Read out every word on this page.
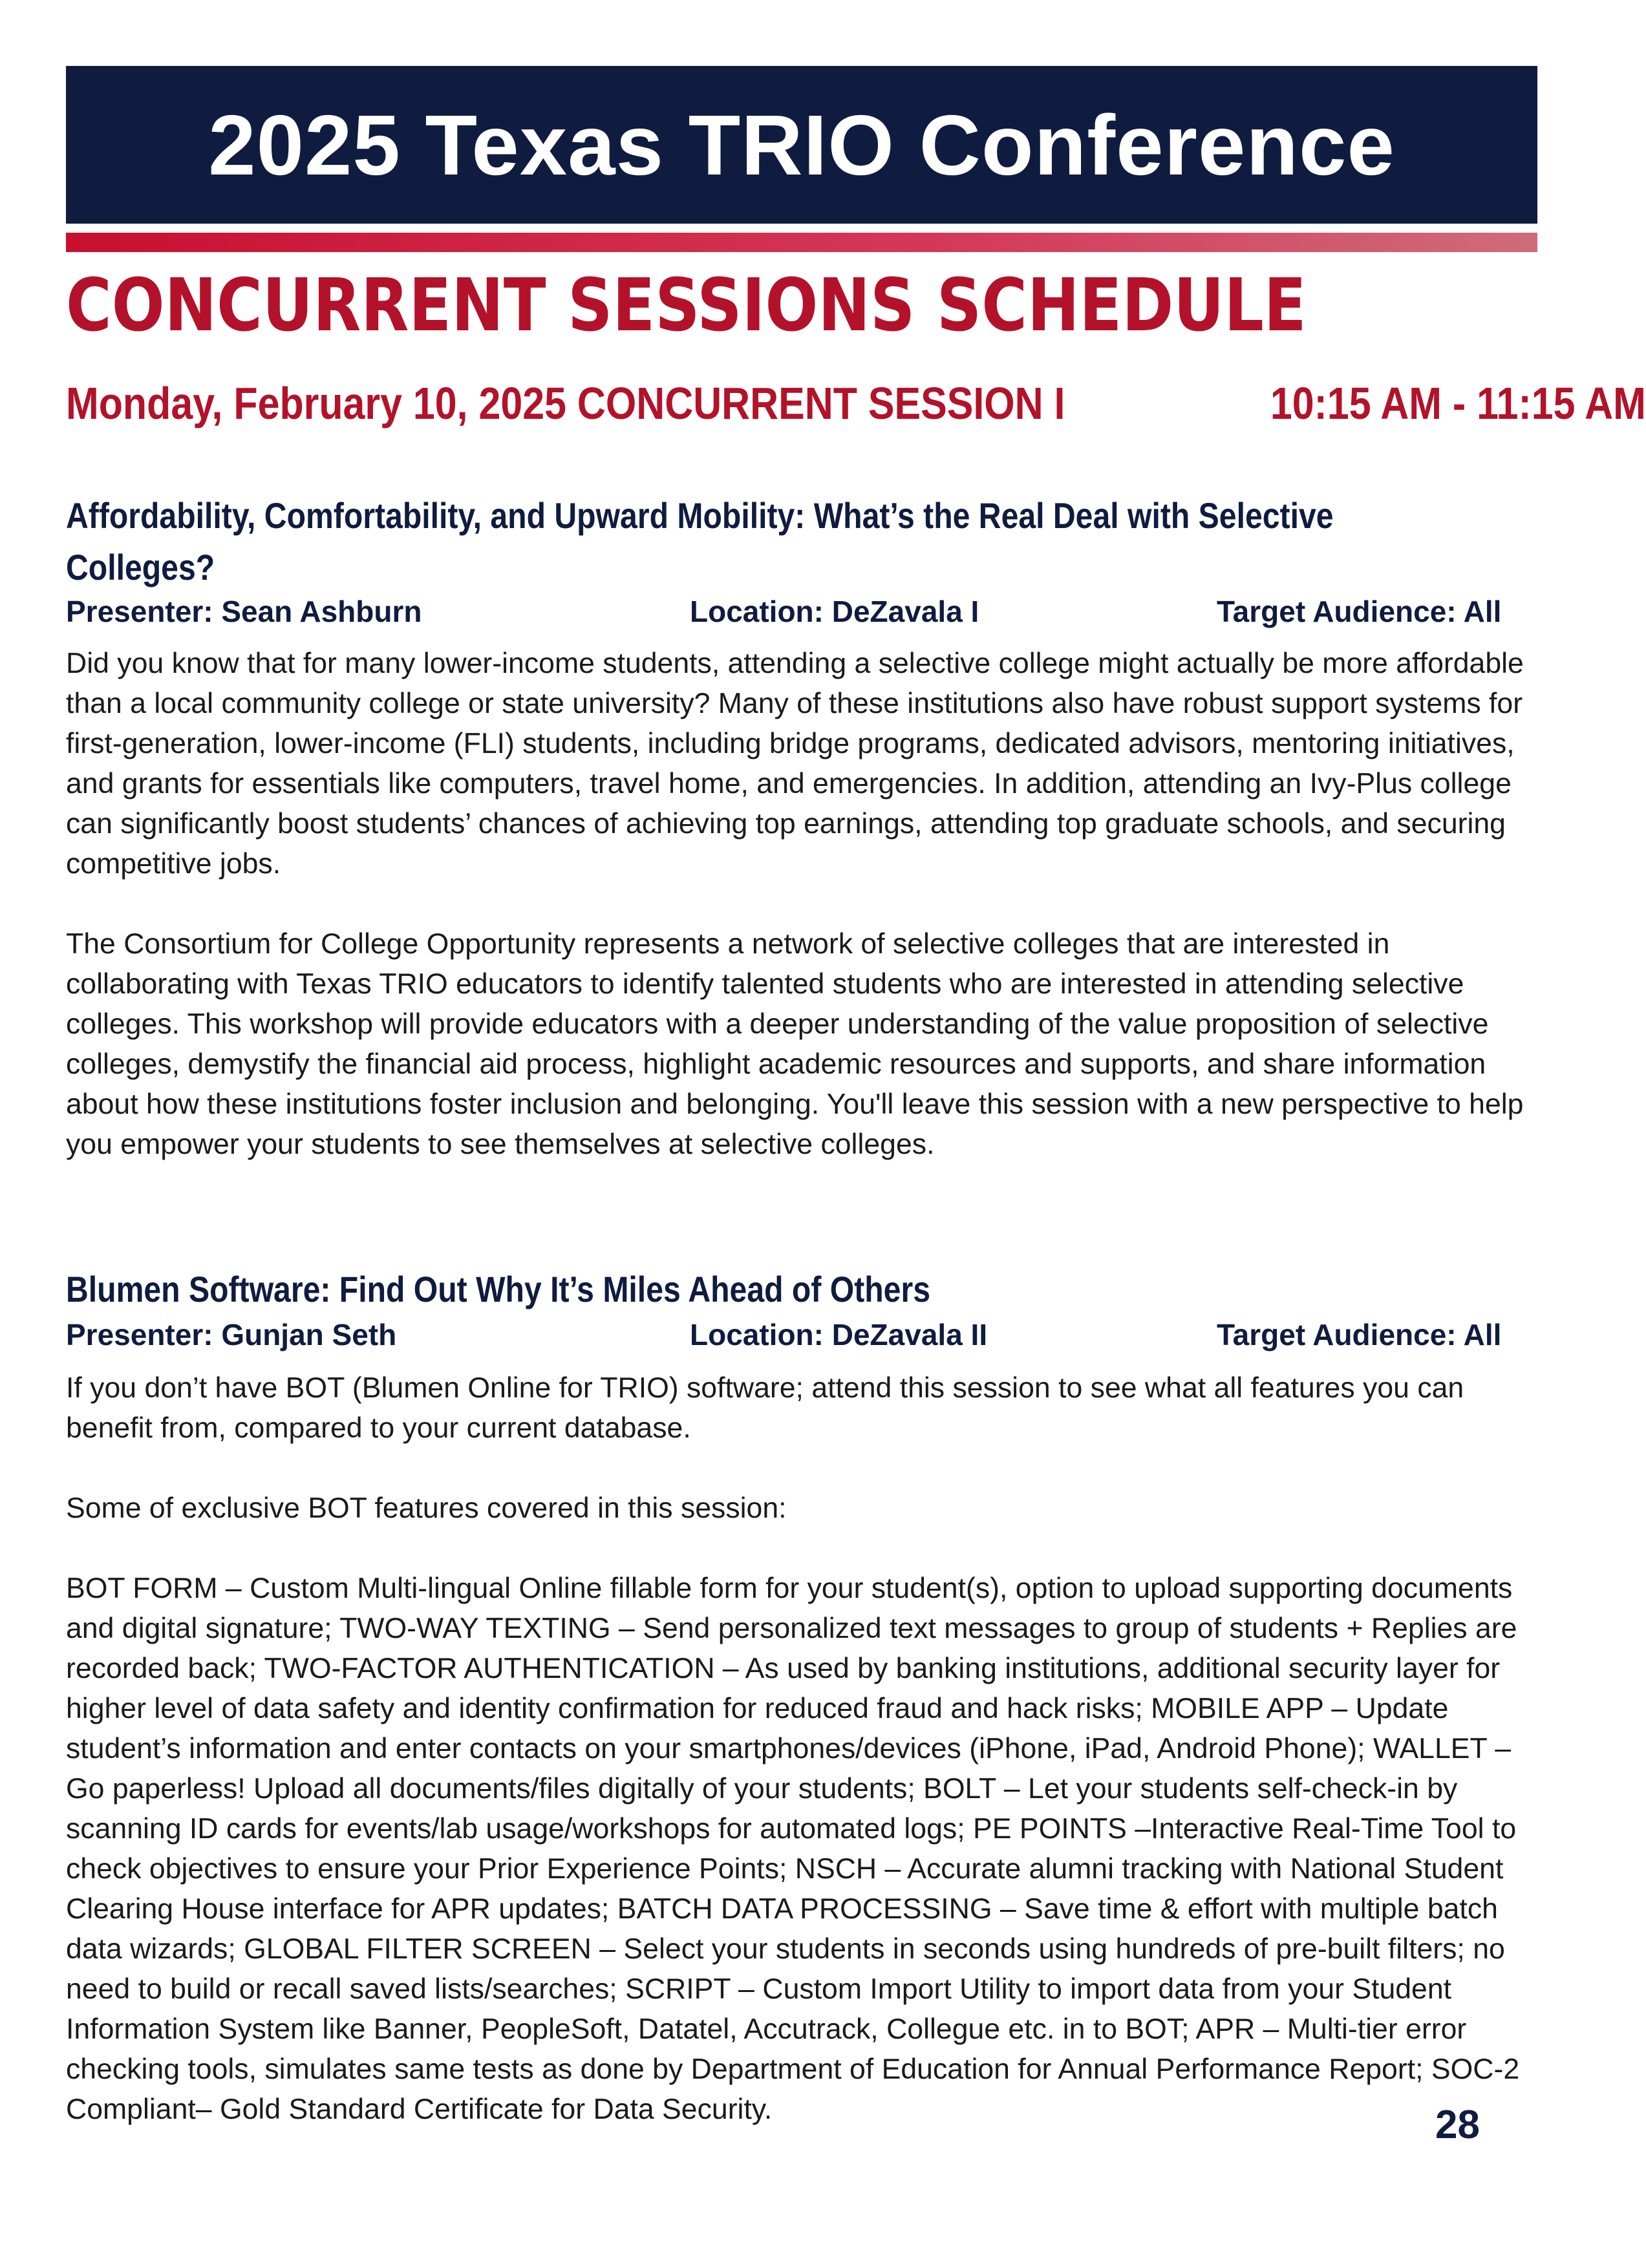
2025 Texas TRIO Conference
CONCURRENT SESSIONS SCHEDULE
Monday, February 10, 2025 CONCURRENT SESSION I	10:15 AM - 11:15 AM
Affordability, Comfortability, and Upward Mobility: What’s the Real Deal with Selective Colleges?
Presenter: Sean Ashburn	Location: DeZavala I	Target Audience: All

Did you know that for many lower-income students, attending a selective college might actually be more affordable than a local community college or state university? Many of these institutions also have robust support systems for first-generation, lower-income (FLI) students, including bridge programs, dedicated advisors, mentoring initiatives, and grants for essentials like computers, travel home, and emergencies. In addition, attending an Ivy-Plus college can significantly boost students’ chances of achieving top earnings, attending top graduate schools, and securing competitive jobs.

The Consortium for College Opportunity represents a network of selective colleges that are interested in collaborating with Texas TRIO educators to identify talented students who are interested in attending selective colleges. This workshop will provide educators with a deeper understanding of the value proposition of selective colleges, demystify the financial aid process, highlight academic resources and supports, and share information about how these institutions foster inclusion and belonging. You'll leave this session with a new perspective to help you empower your students to see themselves at selective colleges.

Blumen Software: Find Out Why It’s Miles Ahead of Others
Presenter: Gunjan Seth	Location: DeZavala II	Target Audience: All

If you don’t have BOT (Blumen Online for TRIO) software; attend this session to see what all features you can benefit from, compared to your current database.

Some of exclusive BOT features covered in this session:

BOT FORM – Custom Multi-lingual Online fillable form for your student(s), option to upload supporting documents and digital signature; TWO-WAY TEXTING – Send personalized text messages to group of students + Replies are recorded back; TWO-FACTOR AUTHENTICATION – As used by banking institutions, additional security layer for higher level of data safety and identity confirmation for reduced fraud and hack risks; MOBILE APP – Update student’s information and enter contacts on your smartphones/devices (iPhone, iPad, Android Phone); WALLET – Go paperless! Upload all documents/files digitally of your students; BOLT – Let your students self-check-in by scanning ID cards for events/lab usage/workshops for automated logs; PE POINTS –Interactive Real-Time Tool to check objectives to ensure your Prior Experience Points; NSCH – Accurate alumni tracking with National Student Clearing House interface for APR updates; BATCH DATA PROCESSING – Save time & effort with multiple batch data wizards; GLOBAL FILTER SCREEN – Select your students in seconds using hundreds of pre-built filters; no need to build or recall saved lists/searches; SCRIPT – Custom Import Utility to import data from your Student Information System like Banner, PeopleSoft, Datatel, Accutrack, Collegue etc. in to BOT; APR – Multi-tier error checking tools, simulates same tests as done by Department of Education for Annual Performance Report; SOC-2 Compliant– Gold Standard Certificate for Data Security.	28
